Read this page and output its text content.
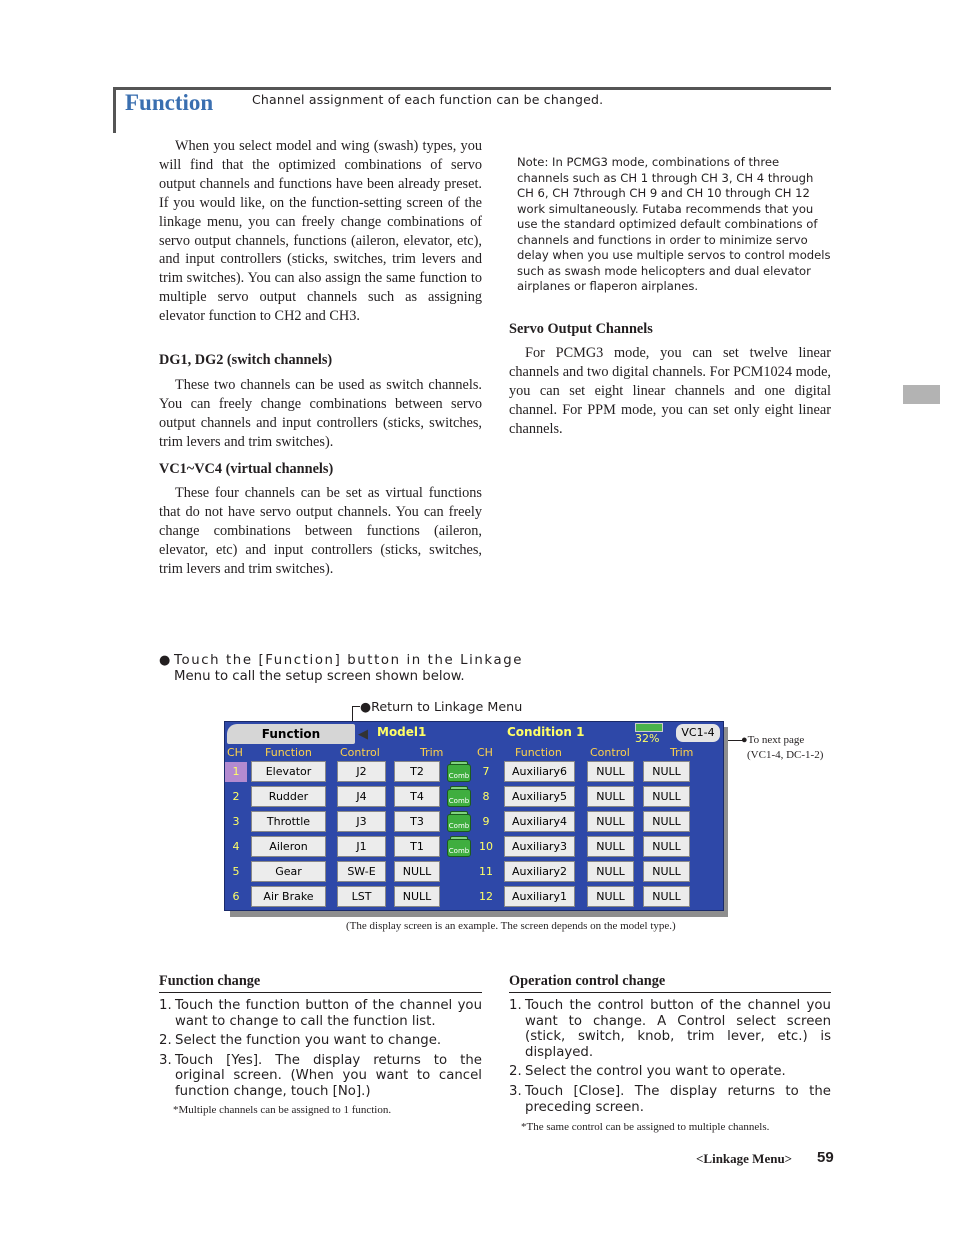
Function	Channel assignment of each function can be changed.
When you select model and wing (swash) types, you will find that the optimized combinations of servo output channels and functions have been already preset. If you would like, on the function-setting screen of the linkage menu, you can freely change combinations of servo output channels, functions (aileron, elevator, etc), and input controllers (sticks, switches, trim levers and trim switches). You can also assign the same function to multiple servo output channels such as assigning elevator function to CH2 and CH3.
DG1, DG2 (switch channels)
These two channels can be used as switch channels. You can freely change combinations between servo output channels and input controllers (sticks, switches, trim levers and trim switches).
VC1~VC4 (virtual channels)
These four channels can be set as virtual functions that do not have servo output channels. You can freely change combinations between functions (aileron, elevator, etc) and input controllers (sticks, switches, trim levers and trim switches).
Note: In PCMG3 mode, combinations of three channels such as CH 1 through CH 3, CH 4 through CH 6, CH 7through CH 9 and CH 10 through CH 12 work simultaneously. Futaba recommends that you use the standard optimized default combinations of channels and functions in order to minimize servo delay when you use multiple servos to control models such as swash mode helicopters and dual elevator airplanes or flaperon airplanes.
Servo Output Channels
For PCMG3 mode, you can set twelve linear channels and two digital channels. For PCM1024 mode, you can set eight linear channels and one digital channel. For PPM mode, you can set only eight linear channels.
● Touch the [Function] button in the Linkage
Menu to call the setup screen shown below.
●Return to Linkage Menu
●To next page
(VC1-4, DC-1-2)
Function	◀ Model1	Condition 1	32%	VC1-4
CH Function	Control	Trim	CH Function	Control	Trim
1	Elevator	J2	T2	Comb	7	Auxiliary6	NULL	NULL
2	Rudder	J4	T4	Comb	8	Auxiliary5	NULL	NULL
3	Throttle	J3	T3	Comb	9	Auxiliary4	NULL	NULL
4	Aileron	J1	T1	Comb 10	Auxiliary3	NULL	NULL
5	Gear	SW-E	NULL	11	Auxiliary2	NULL	NULL
6	Air Brake	LST	NULL	12	Auxiliary1	NULL	NULL
(The display screen is an example. The screen depends on the model type.)
Function change
1. Touch the function button of the channel you want to change to call the function list.
2. Select the function you want to change.
3. Touch [Yes]. The display returns to the original screen. (When you want to cancel function change, touch [No].)
*Multiple channels can be assigned to 1 function.
Operation control change
1. Touch the control button of the channel you want to change. A Control select screen (stick, switch, knob, trim lever, etc.) is displayed.
2. Select the control you want to operate.
3. Touch [Close]. The display returns to the preceding screen.
*The same control can be assigned to multiple channels.
<Linkage Menu> 59
